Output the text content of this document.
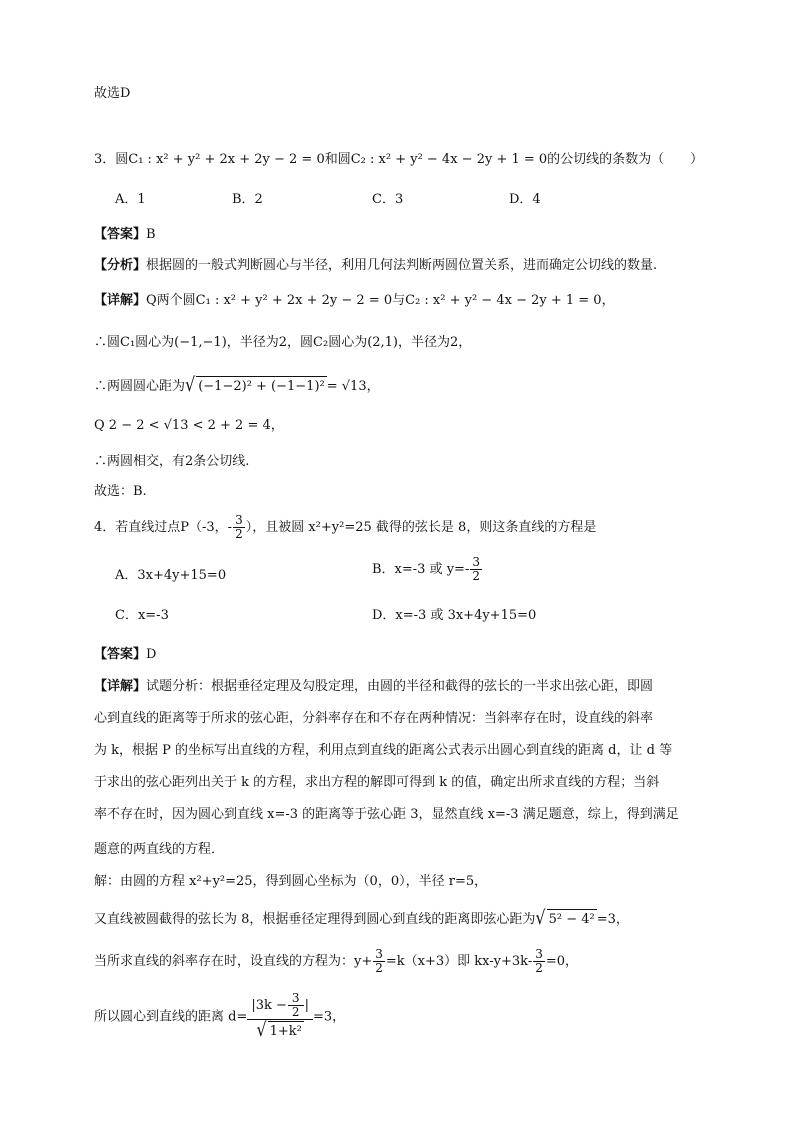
故选D
3．圆C₁ : x² + y² + 2x + 2y − 2 = 0和圆C₂ : x² + y² − 4x − 2y + 1 = 0的公切线的条数为（　　）
A．1	B．2	C．3	D．4
【答案】B
【分析】根据圆的一般式判断圆心与半径，利用几何法判断两圆位置关系，进而确定公切线的数量.
【详解】Q两个圆C₁ : x² + y² + 2x + 2y − 2 = 0与C₂ : x² + y² − 4x − 2y + 1 = 0，
∴圆C₁圆心为(−1,−1)，半径为2，圆C₂圆心为(2,1)，半径为2，
∴两圆圆心距为√ (−1−2)² + (−1−1)² = √13，
Q 2 − 2 < √13 < 2 + 2 = 4，
∴两圆相交，有2条公切线.
故选：B.
4．若直线过点P（-3，- $\frac{3}{2}$ ），且被圆 x²+y²=25 截得的弦长是 8，则这条直线的方程是
A．3x+4y+15=0	B．x=-3 或 $y=- \frac{3}{2}$
C．x=-3	D．x=-3 或 3x+4y+15=0
【答案】D
【详解】试题分析：根据垂径定理及勾股定理，由圆的半径和截得的弦长的一半求出弦心距，即圆
心到直线的距离等于所求的弦心距，分斜率存在和不存在两种情况：当斜率存在时，设直线的斜率
为 k，根据 P 的坐标写出直线的方程，利用点到直线的距离公式表示出圆心到直线的距离 d，让 d 等
于求出的弦心距列出关于 k 的方程，求出方程的解即可得到 k 的值，确定出所求直线的方程；当斜
率不存在时，因为圆心到直线 x=-3 的距离等于弦心距 3，显然直线 x=-3 满足题意，综上，得到满足
题意的两直线的方程．
解：由圆的方程 x²+y²=25，得到圆心坐标为（0，0），半径 r=5，
又直线被圆截得的弦长为 8，根据垂径定理得到圆心到直线的距离即弦心距为√ 5² − 4² =3，
当所求直线的斜率存在时，设直线的方程为：$y+ \frac{3}{2} =k(x+3)$即 $kx-y+3k- \frac{3}{2} =0$，
所以圆心到直线的距离 $d= \frac{|3k - \frac{3}{2} |}{\text{√ 1+k²}} =3$，
